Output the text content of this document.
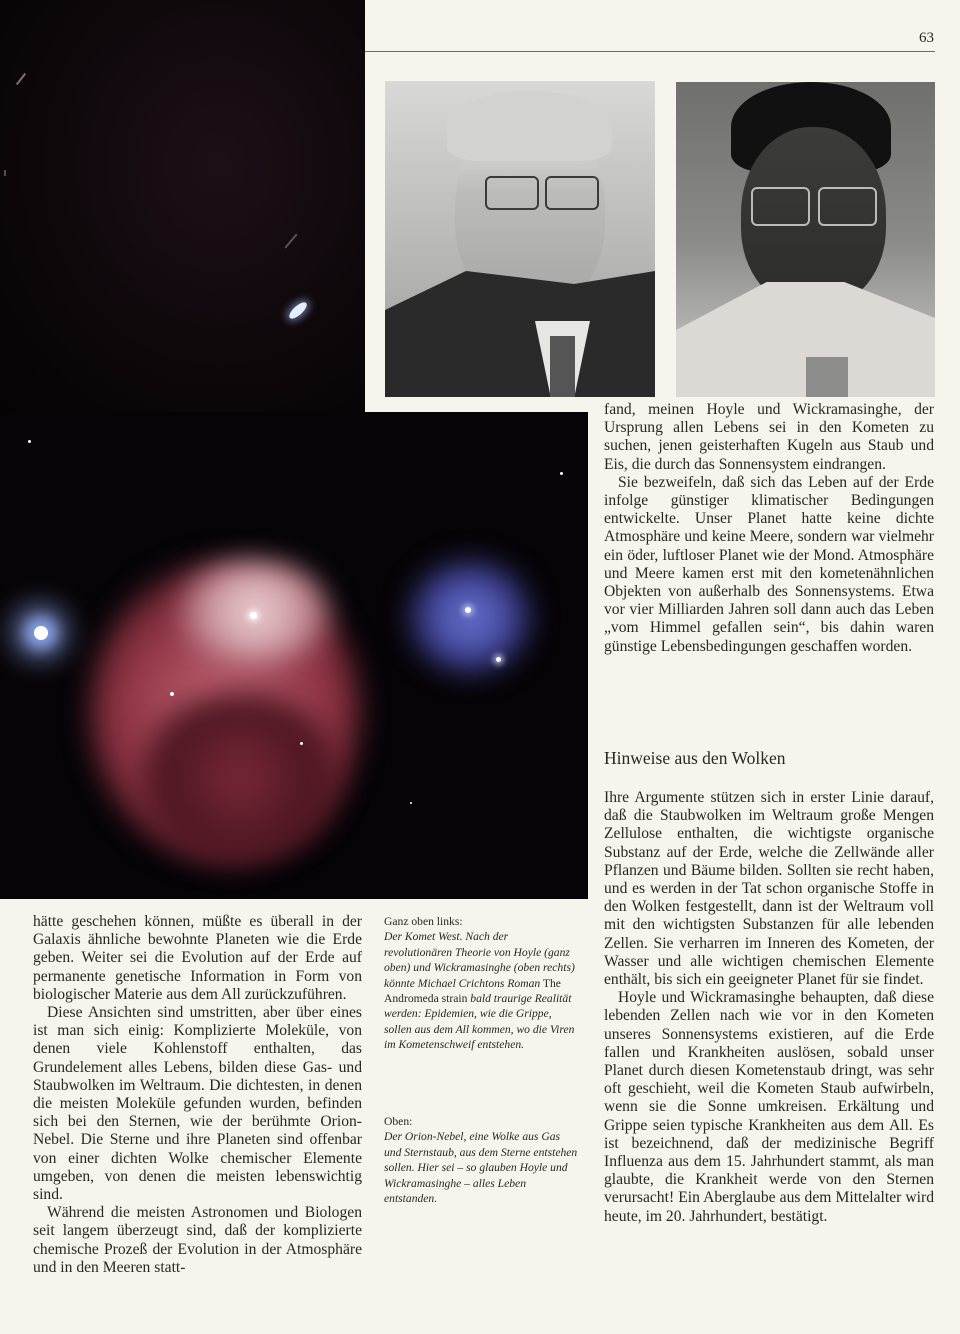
63

fand, meinen Hoyle und Wickramasinghe, der Ursprung allen Lebens sei in den Kometen zu suchen, jenen geisterhaften Kugeln aus Staub und Eis, die durch das Sonnensystem eindrangen.

Sie bezweifeln, daß sich das Leben auf der Erde infolge günstiger klimatischer Bedingungen entwickelte. Unser Planet hatte keine dichte Atmosphäre und keine Meere, sondern war vielmehr ein öder, luftloser Planet wie der Mond. Atmosphäre und Meere kamen erst mit den kometenähnlichen Objekten von außerhalb des Sonnensystems. Etwa vor vier Milliarden Jahren soll dann auch das Leben „vom Himmel gefallen sein“, bis dahin waren günstige Lebensbedingungen geschaffen worden.

Hinweise aus den Wolken

Ihre Argumente stützen sich in erster Linie darauf, daß die Staubwolken im Weltraum große Mengen Zellulose enthalten, die wichtigste organische Substanz auf der Erde, welche die Zellwände aller Pflanzen und Bäume bilden. Sollten sie recht haben, und es werden in der Tat schon organische Stoffe in den Wolken festgestellt, dann ist der Weltraum voll mit den wichtigsten Substanzen für alle lebenden Zellen. Sie verharren im Inneren des Kometen, der Wasser und alle wichtigen chemischen Elemente enthält, bis sich ein geeigneter Planet für sie findet.

Hoyle und Wickramasinghe behaupten, daß diese lebenden Zellen nach wie vor in den Kometen unseres Sonnensystems existieren, auf die Erde fallen und Krankheiten auslösen, sobald unser Planet durch diesen Kometenstaub dringt, was sehr oft geschieht, weil die Kometen Staub aufwirbeln, wenn sie die Sonne umkreisen. Erkältung und Grippe seien typische Krankheiten aus dem All. Es ist bezeichnend, daß der medizinische Begriff Influenza aus dem 15. Jahrhundert stammt, als man glaubte, die Krankheit werde von den Sternen verursacht! Ein Aberglaube aus dem Mittelalter wird heute, im 20. Jahrhundert, bestätigt.

hätte geschehen können, müßte es überall in der Galaxis ähnliche bewohnte Planeten wie die Erde geben. Weiter sei die Evolution auf der Erde auf permanente genetische Information in Form von biologischer Materie aus dem All zurückzuführen.

Diese Ansichten sind umstritten, aber über eines ist man sich einig: Komplizierte Moleküle, von denen viele Kohlenstoff enthalten, das Grundelement alles Lebens, bilden diese Gas- und Staubwolken im Weltraum. Die dichtesten, in denen die meisten Moleküle gefunden wurden, befinden sich bei den Sternen, wie der berühmte Orion-Nebel. Die Sterne und ihre Planeten sind offenbar von einer dichten Wolke chemischer Elemente umgeben, von denen die meisten lebenswichtig sind.

Während die meisten Astronomen und Biologen seit langem überzeugt sind, daß der komplizierte chemische Prozeß der Evolution in der Atmosphäre und in den Meeren statt-

Ganz oben links:
Der Komet West. Nach der revolutionären Theorie von Hoyle (ganz oben) und Wickramasinghe (oben rechts) könnte Michael Crichtons Roman The Andromeda strain bald traurige Realität werden: Epidemien, wie die Grippe, sollen aus dem All kommen, wo die Viren im Kometenschweif entstehen.

Oben:
Der Orion-Nebel, eine Wolke aus Gas und Sternstaub, aus dem Sterne entstehen sollen. Hier sei – so glauben Hoyle und Wickramasinghe – alles Leben entstanden.
